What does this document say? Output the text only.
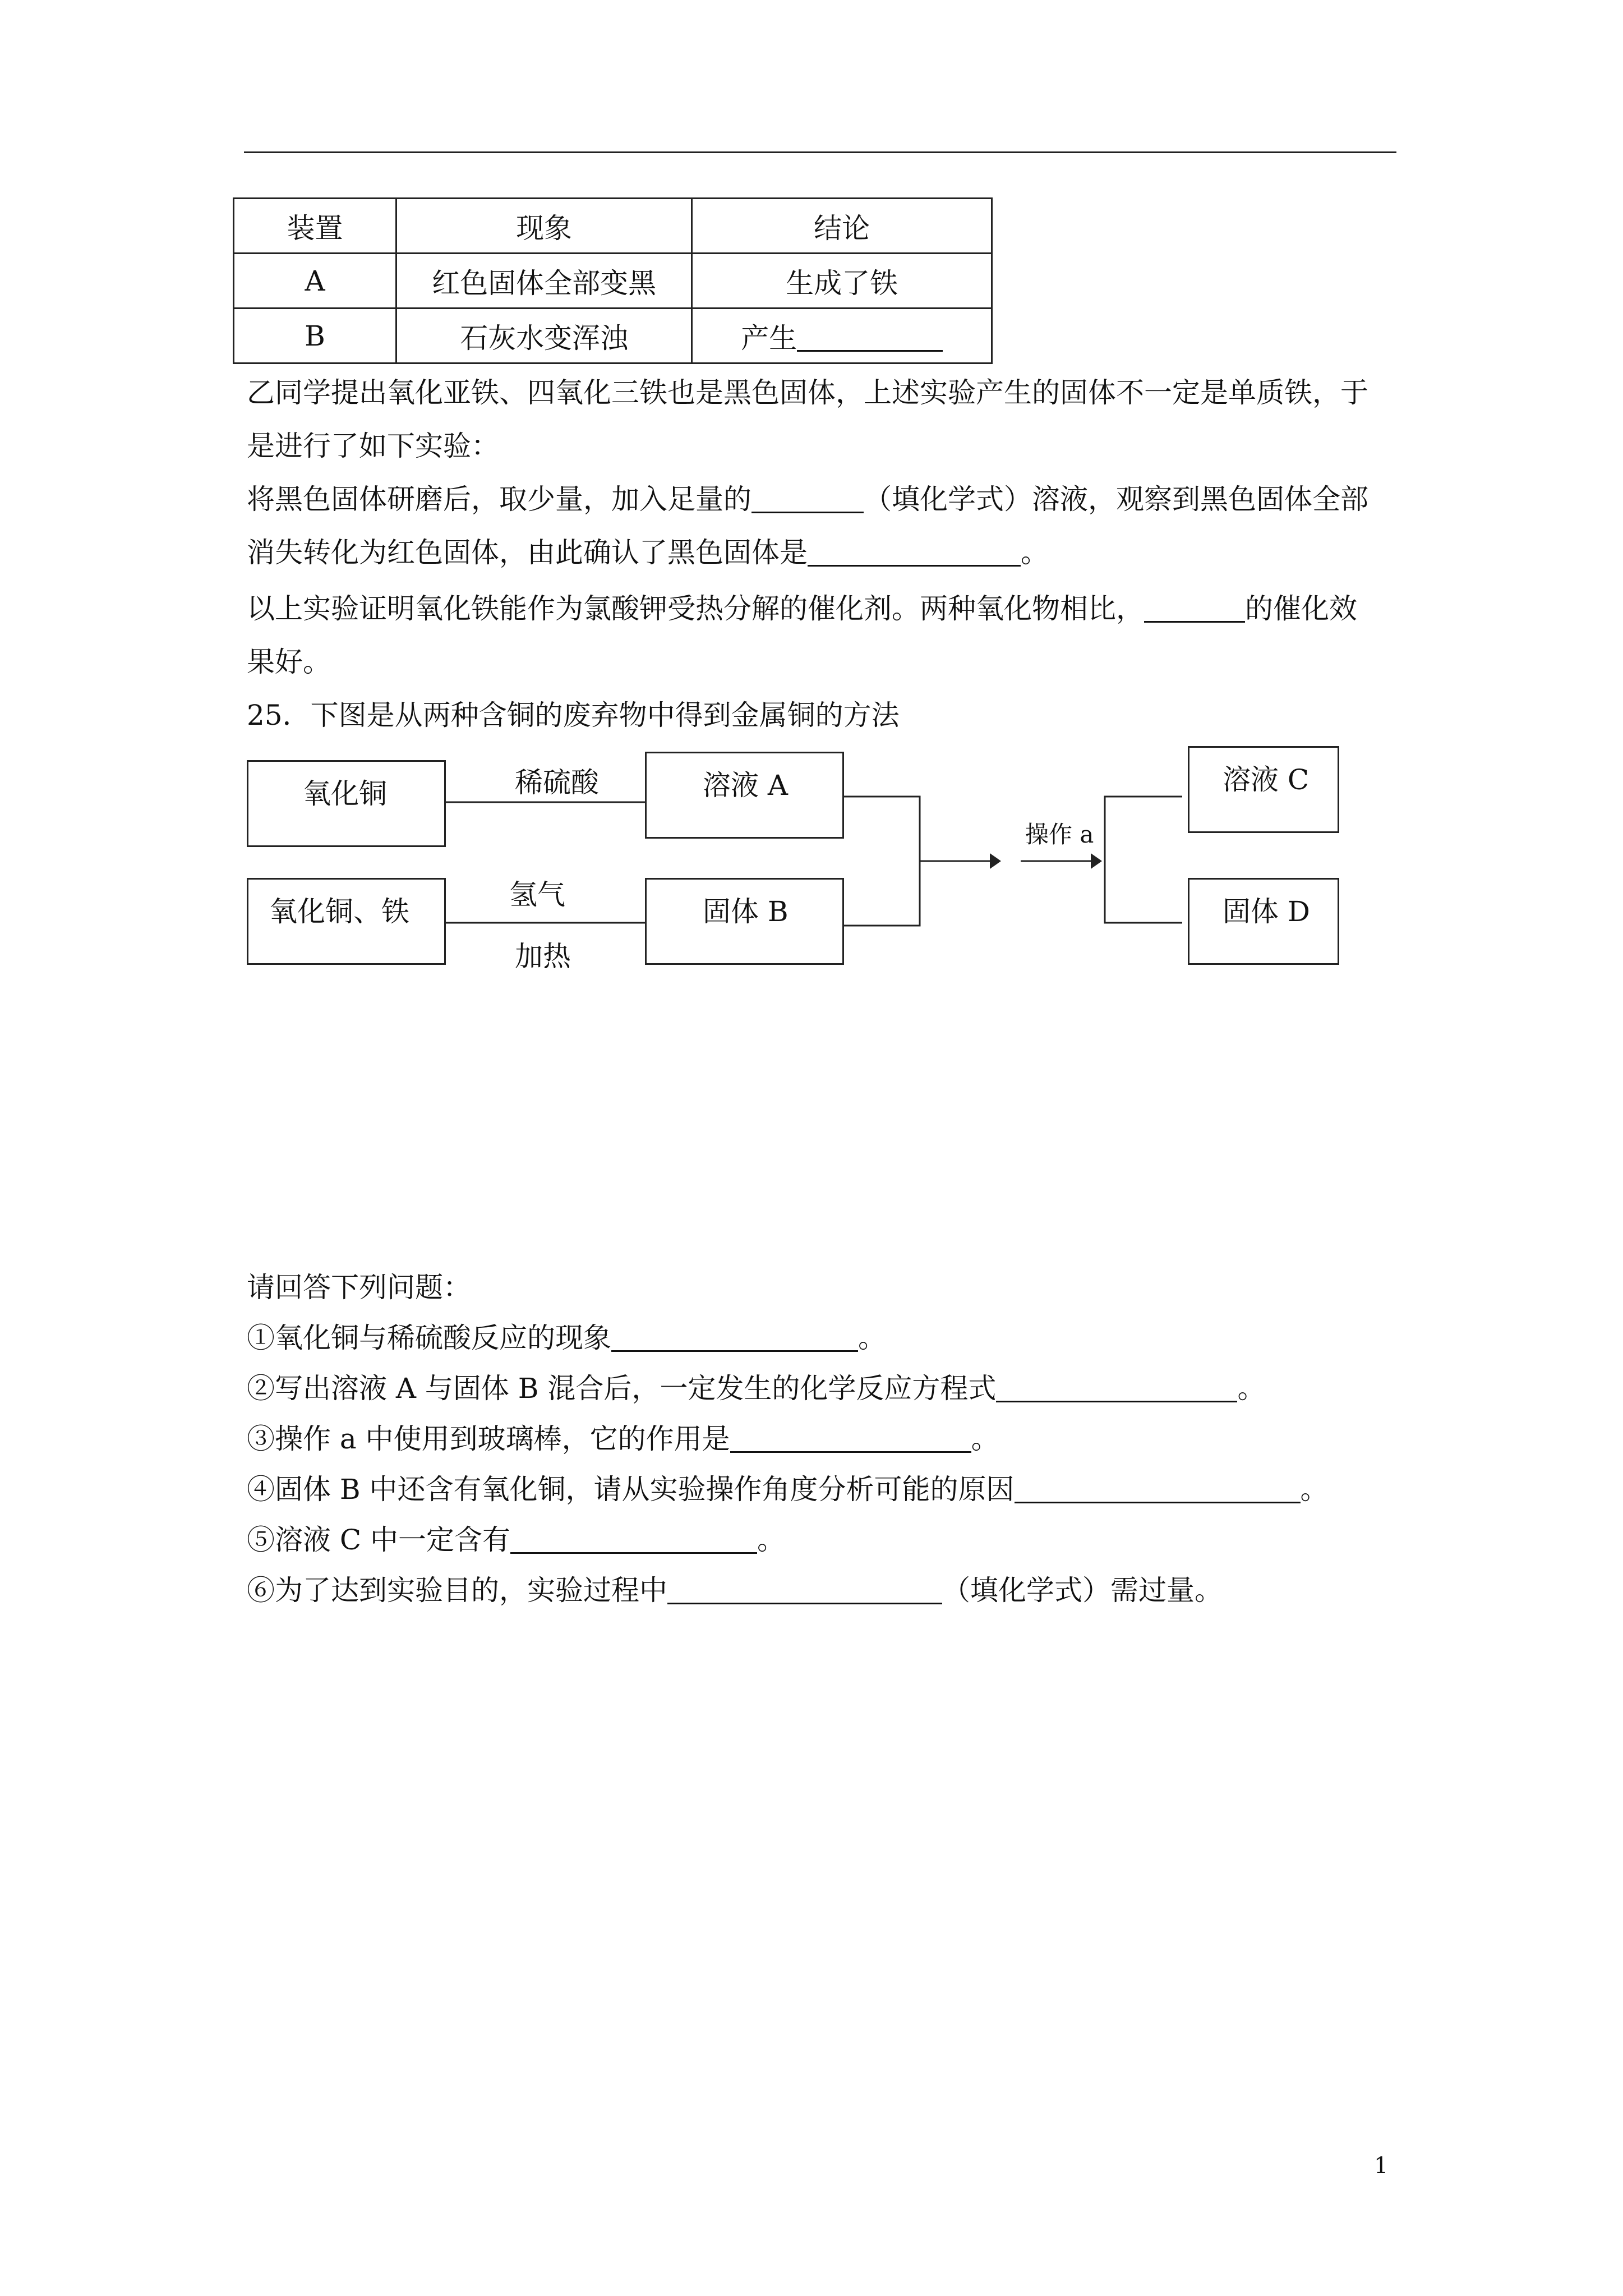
装置	现象	结论
A	红色固体全部变黑	生成了铁
B	石灰水变浑浊	产生
乙同学提出氧化亚铁、四氧化三铁也是黑色固体，上述实验产生的固体不一定是单质铁，于
是进行了如下实验：
将黑色固体研磨后，取少量，加入足量的	（填化学式）溶液，观察到黑色固体全部
消失转化为红色固体，由此确认了黑色固体是	。
以上实验证明氧化铁能作为氯酸钾受热分解的催化剂。两种氧化物相比，	的催化效
果好。
25．下图是从两种含铜的废弃物中得到金属铜的方法
氧化铜
氧化铜、铁
溶液 A
固体 B
溶液 C
固体 D
稀硫酸
氢气
加热
操作 a
请回答下列问题：
①氧化铜与稀硫酸反应的现象	。
②写出溶液 A 与固体 B 混合后，一定发生的化学反应方程式	。
③操作 a 中使用到玻璃棒，它的作用是	。
④固体 B 中还含有氧化铜，请从实验操作角度分析可能的原因	。
⑤溶液 C 中一定含有	。
⑥为了达到实验目的，实验过程中	（填化学式）需过量。
1
